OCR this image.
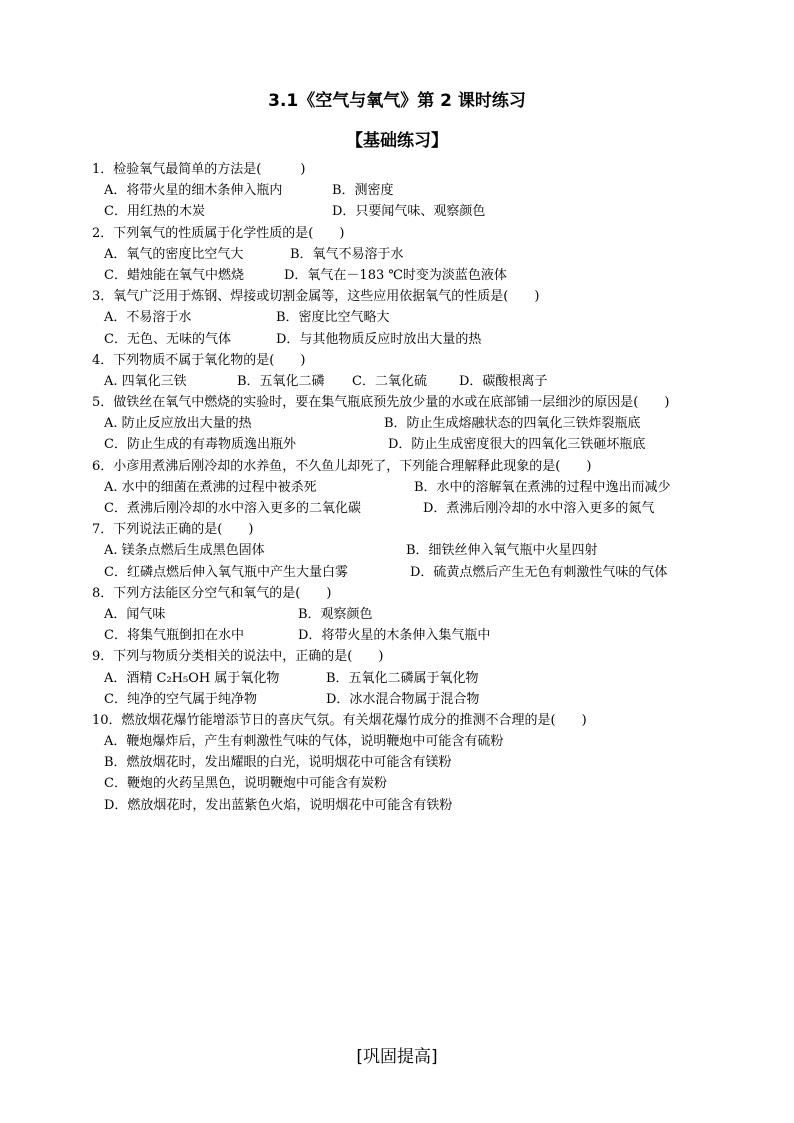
3.1《空气与氧气》第 2 课时练习
【基础练习】
1．检验氧气最简单的方法是(　　　)
A．将带火星的细木条伸入瓶内	B．测密度
C．用红热的木炭	D．只要闻气味、观察颜色
2．下列氧气的性质属于化学性质的是(　　)
A．氧气的密度比空气大	B．氧气不易溶于水
C．蜡烛能在氧气中燃烧	D．氧气在－183 ℃时变为淡蓝色液体
3．氧气广泛用于炼钢、焊接或切割金属等，这些应用依据氧气的性质是(　　)
A．不易溶于水	B．密度比空气略大
C．无色、无味的气体	D．与其他物质反应时放出大量的热
4．下列物质不属于氧化物的是(　　)
A. 四氧化三铁	B．五氧化二磷 C．二氧化硫 D．碳酸根离子
5．做铁丝在氧气中燃烧的实验时，要在集气瓶底预先放少量的水或在底部铺一层细沙的原因是(　　)
A. 防止反应放出大量的热	B．防止生成熔融状态的四氧化三铁炸裂瓶底
C．防止生成的有毒物质逸出瓶外	D．防止生成密度很大的四氧化三铁砸坏瓶底
6．小彦用煮沸后刚冷却的水养鱼，不久鱼儿却死了，下列能合理解释此现象的是(　　)
A. 水中的细菌在煮沸的过程中被杀死	B．水中的溶解氧在煮沸的过程中逸出而减少
C．煮沸后刚冷却的水中溶入更多的二氧化碳	D．煮沸后刚冷却的水中溶入更多的氮气
7．下列说法正确的是(　　)
A. 镁条点燃后生成黑色固体	B．细铁丝伸入氧气瓶中火星四射
C．红磷点燃后伸入氧气瓶中产生大量白雾	D．硫黄点燃后产生无色有刺激性气味的气体
8．下列方法能区分空气和氧气的是(　　)
A．闻气味	B．观察颜色
C．将集气瓶倒扣在水中	D．将带火星的木条伸入集气瓶中
9．下列与物质分类相关的说法中，正确的是(　　)
A．酒精 C₂H₅OH 属于氧化物	B．五氧化二磷属于氧化物
C．纯净的空气属于纯净物	D．冰水混合物属于混合物
10．燃放烟花爆竹能增添节日的喜庆气氛。有关烟花爆竹成分的推测不合理的是(　　)
A．鞭炮爆炸后，产生有刺激性气味的气体，说明鞭炮中可能含有硫粉
B．燃放烟花时，发出耀眼的白光，说明烟花中可能含有镁粉
C．鞭炮的火药呈黑色，说明鞭炮中可能含有炭粉
D．燃放烟花时，发出蓝紫色火焰，说明烟花中可能含有铁粉
[巩固提高]
